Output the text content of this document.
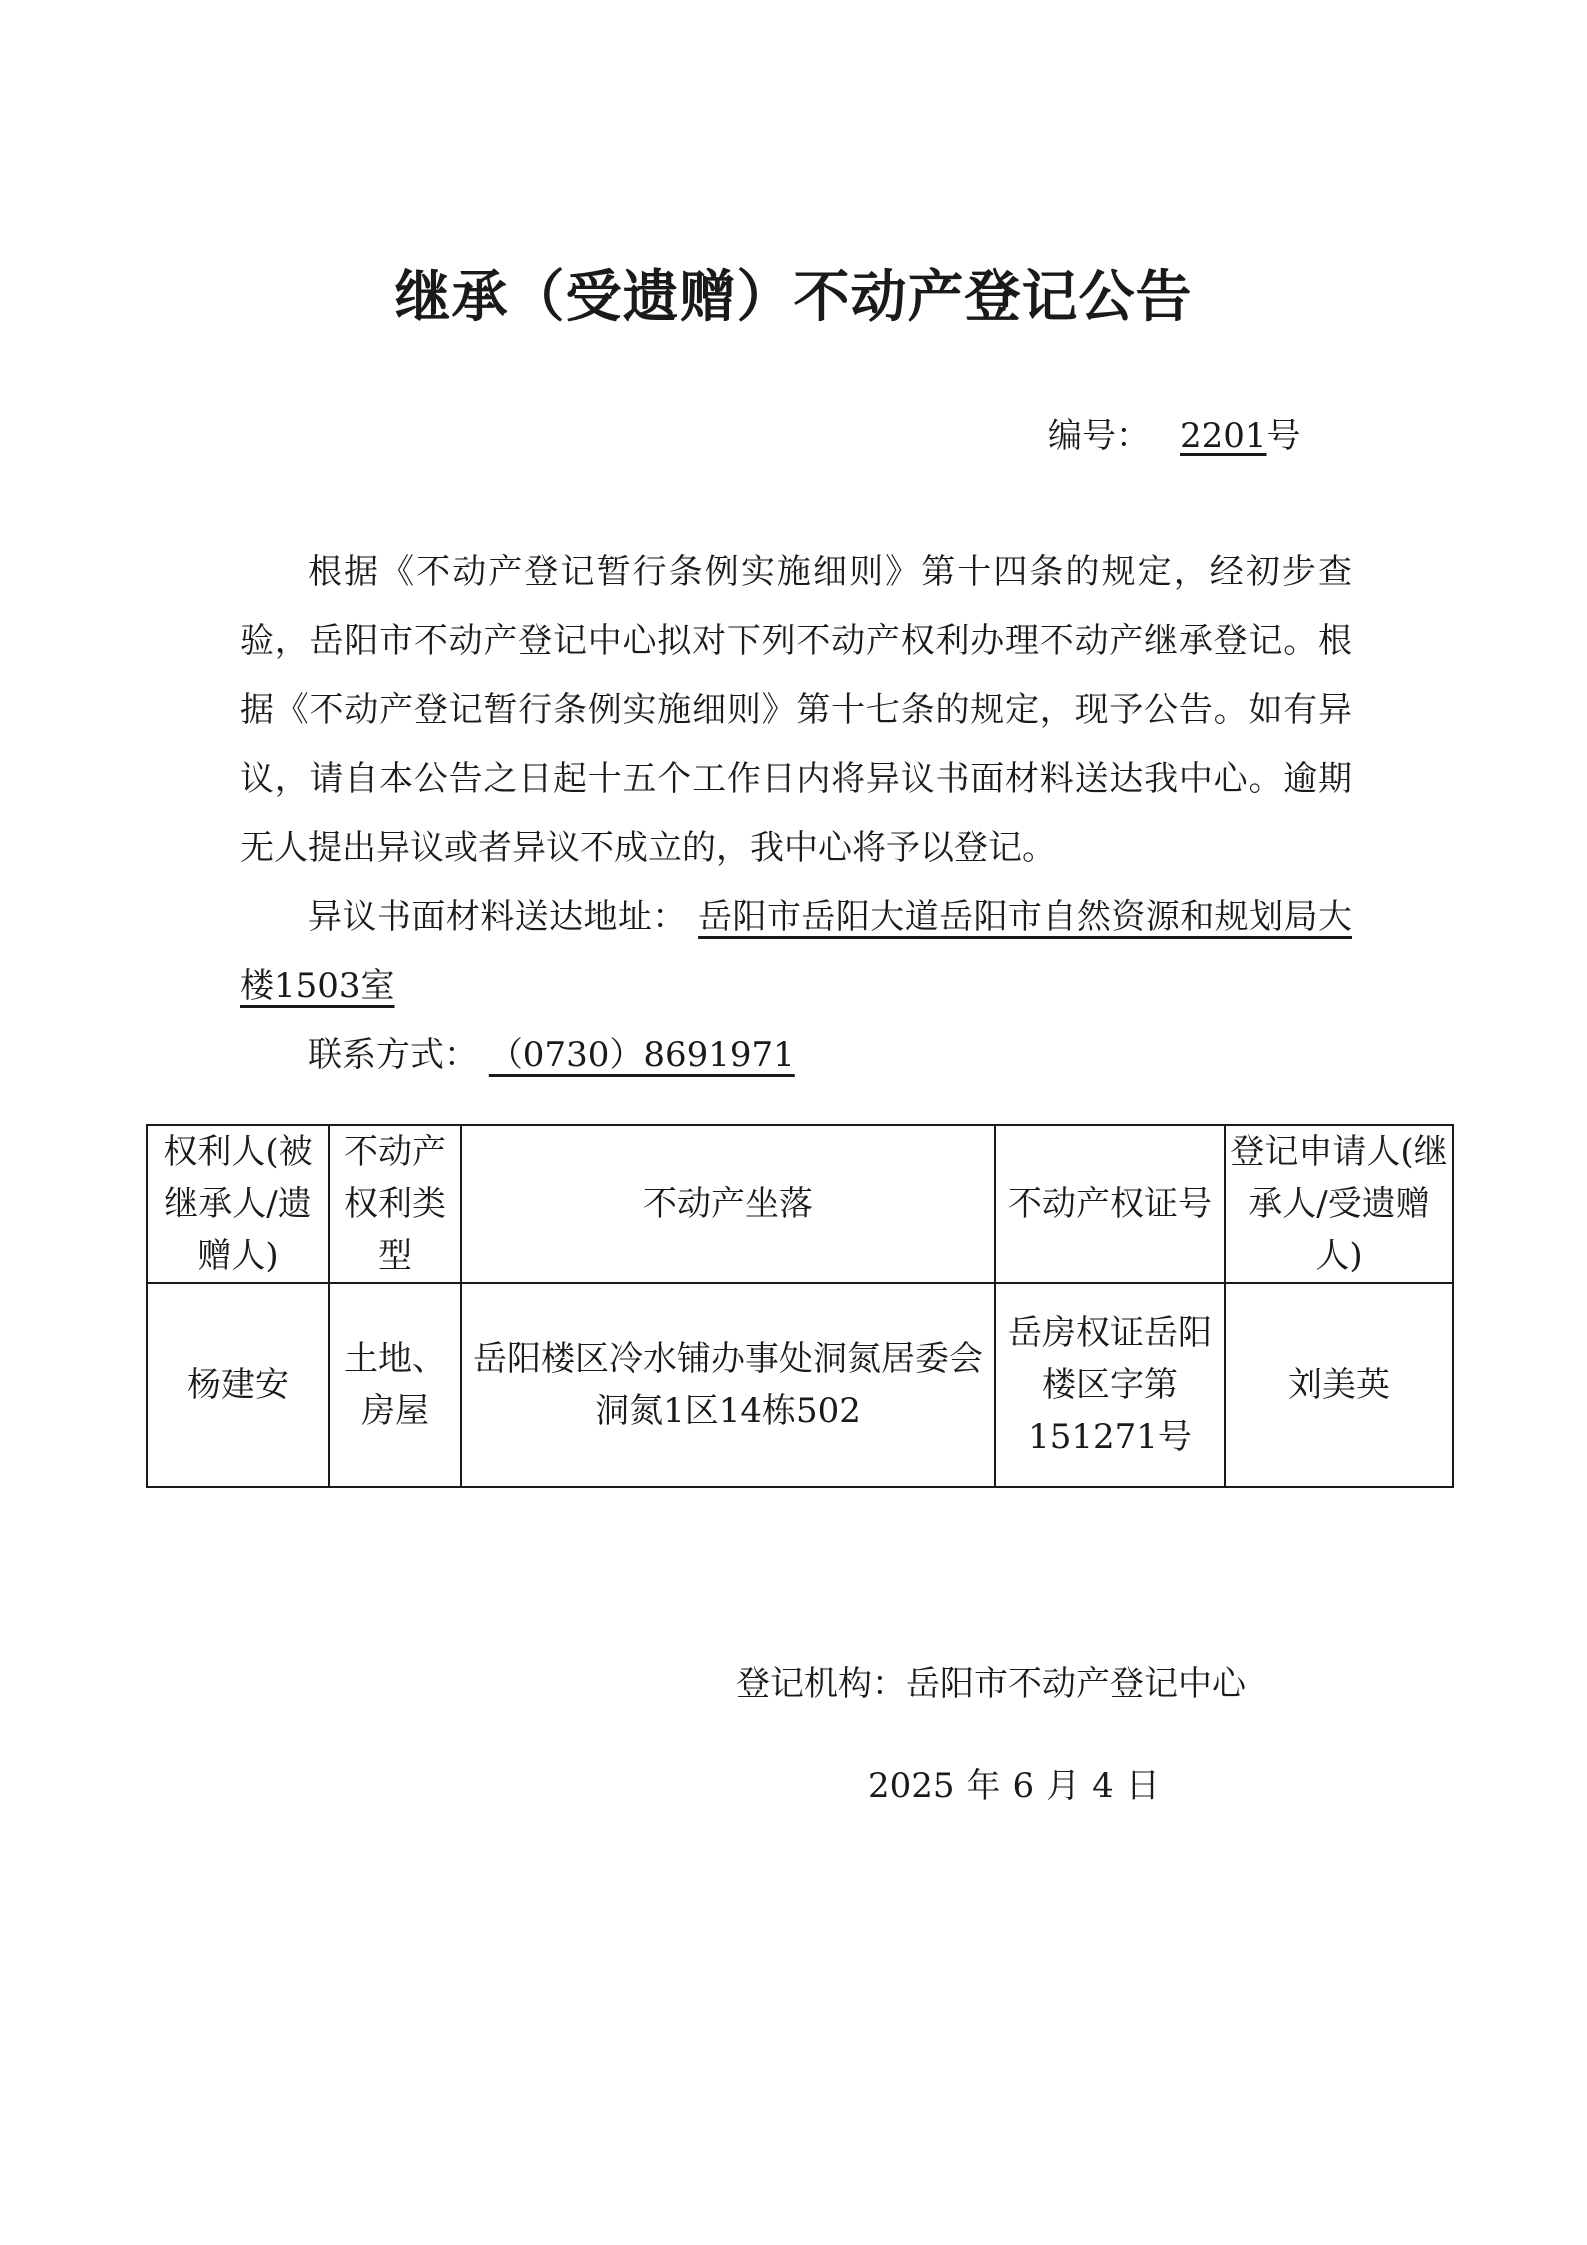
继承（受遗赠）不动产登记公告
编号： 2201号

根据《不动产登记暂行条例实施细则》第十四条的规定，经初步查验，岳阳市不动产登记中心拟对下列不动产权利办理不动产继承登记。根据《不动产登记暂行条例实施细则》第十七条的规定，现予公告。如有异议，请自本公告之日起十五个工作日内将异议书面材料送达我中心。逾期无人提出异议或者异议不成立的，我中心将予以登记。

异议书面材料送达地址： 岳阳市岳阳大道岳阳市自然资源和规划局大楼1503室

联系方式： （0730）8691971

权利人(被继承人/遗赠人)	不动产权利类型	不动产坐落	不动产权证号	登记申请人(继承人/受遗赠人)
杨建安	土地、房屋	岳阳楼区冷水铺办事处洞氮居委会洞氮1区14栋502	岳房权证岳阳楼区字第151271号	刘美英
登记机构：岳阳市不动产登记中心
2025 年 6 月 4 日
